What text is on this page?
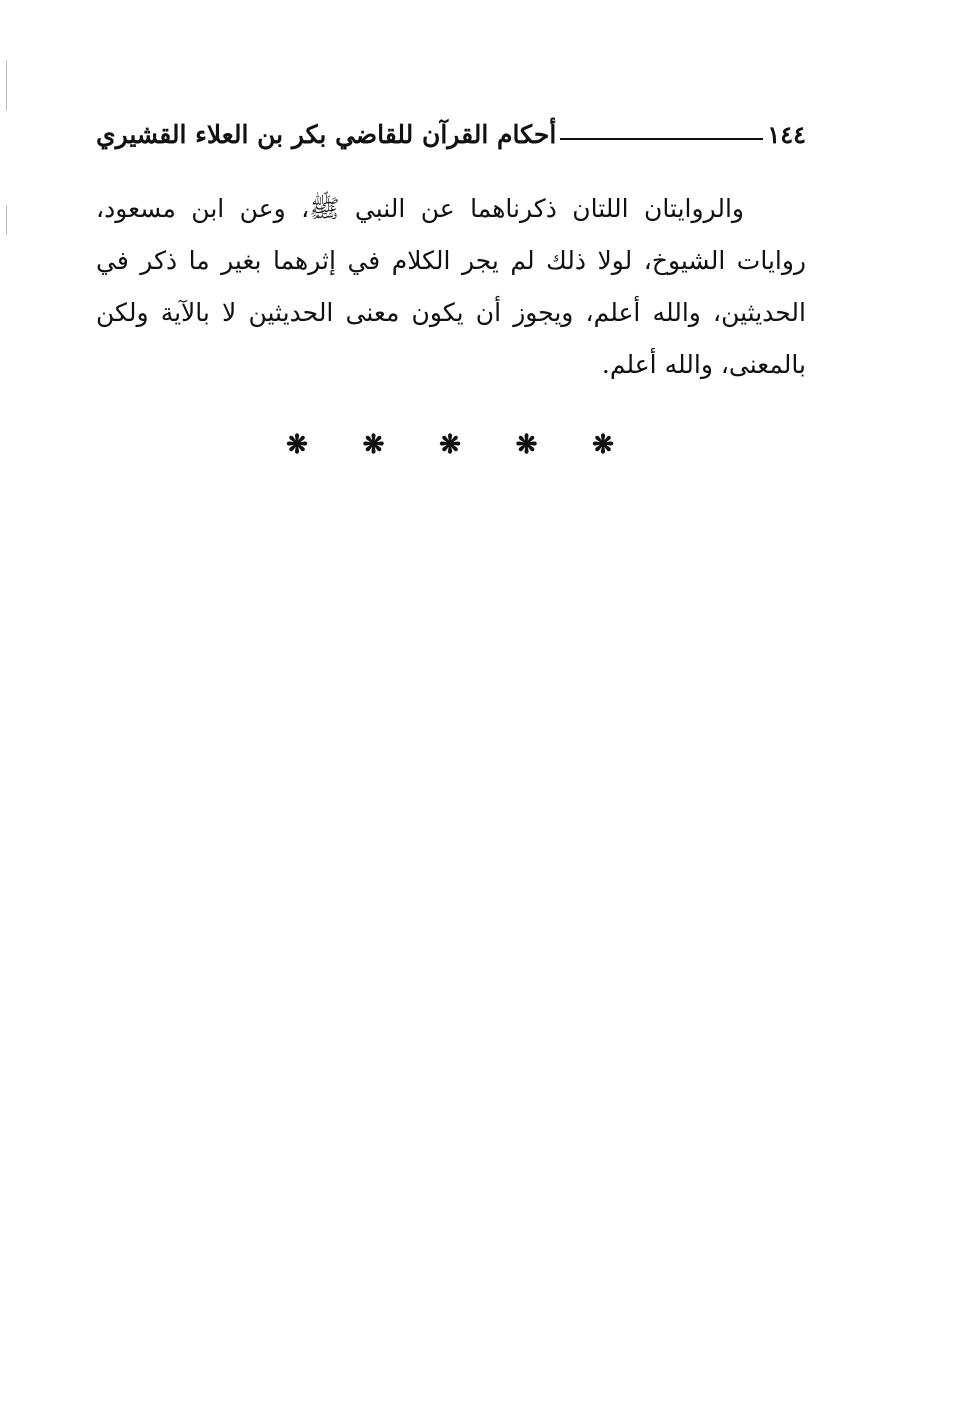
١٤٤
أحكام القرآن للقاضي بكر بن العلاء القشيري

والروايتان اللتان ذكرناهما عن النبي ﷺ، وعن ابن مسعود، روايات الشيوخ، لولا ذلك لم يجر الكلام في إثرهما بغير ما ذكر في الحديثين، والله أعلم، ويجوز أن يكون معنى الحديثين لا بالآية ولكن بالمعنى، والله أعلم.

❋	❋	❋	❋	❋
